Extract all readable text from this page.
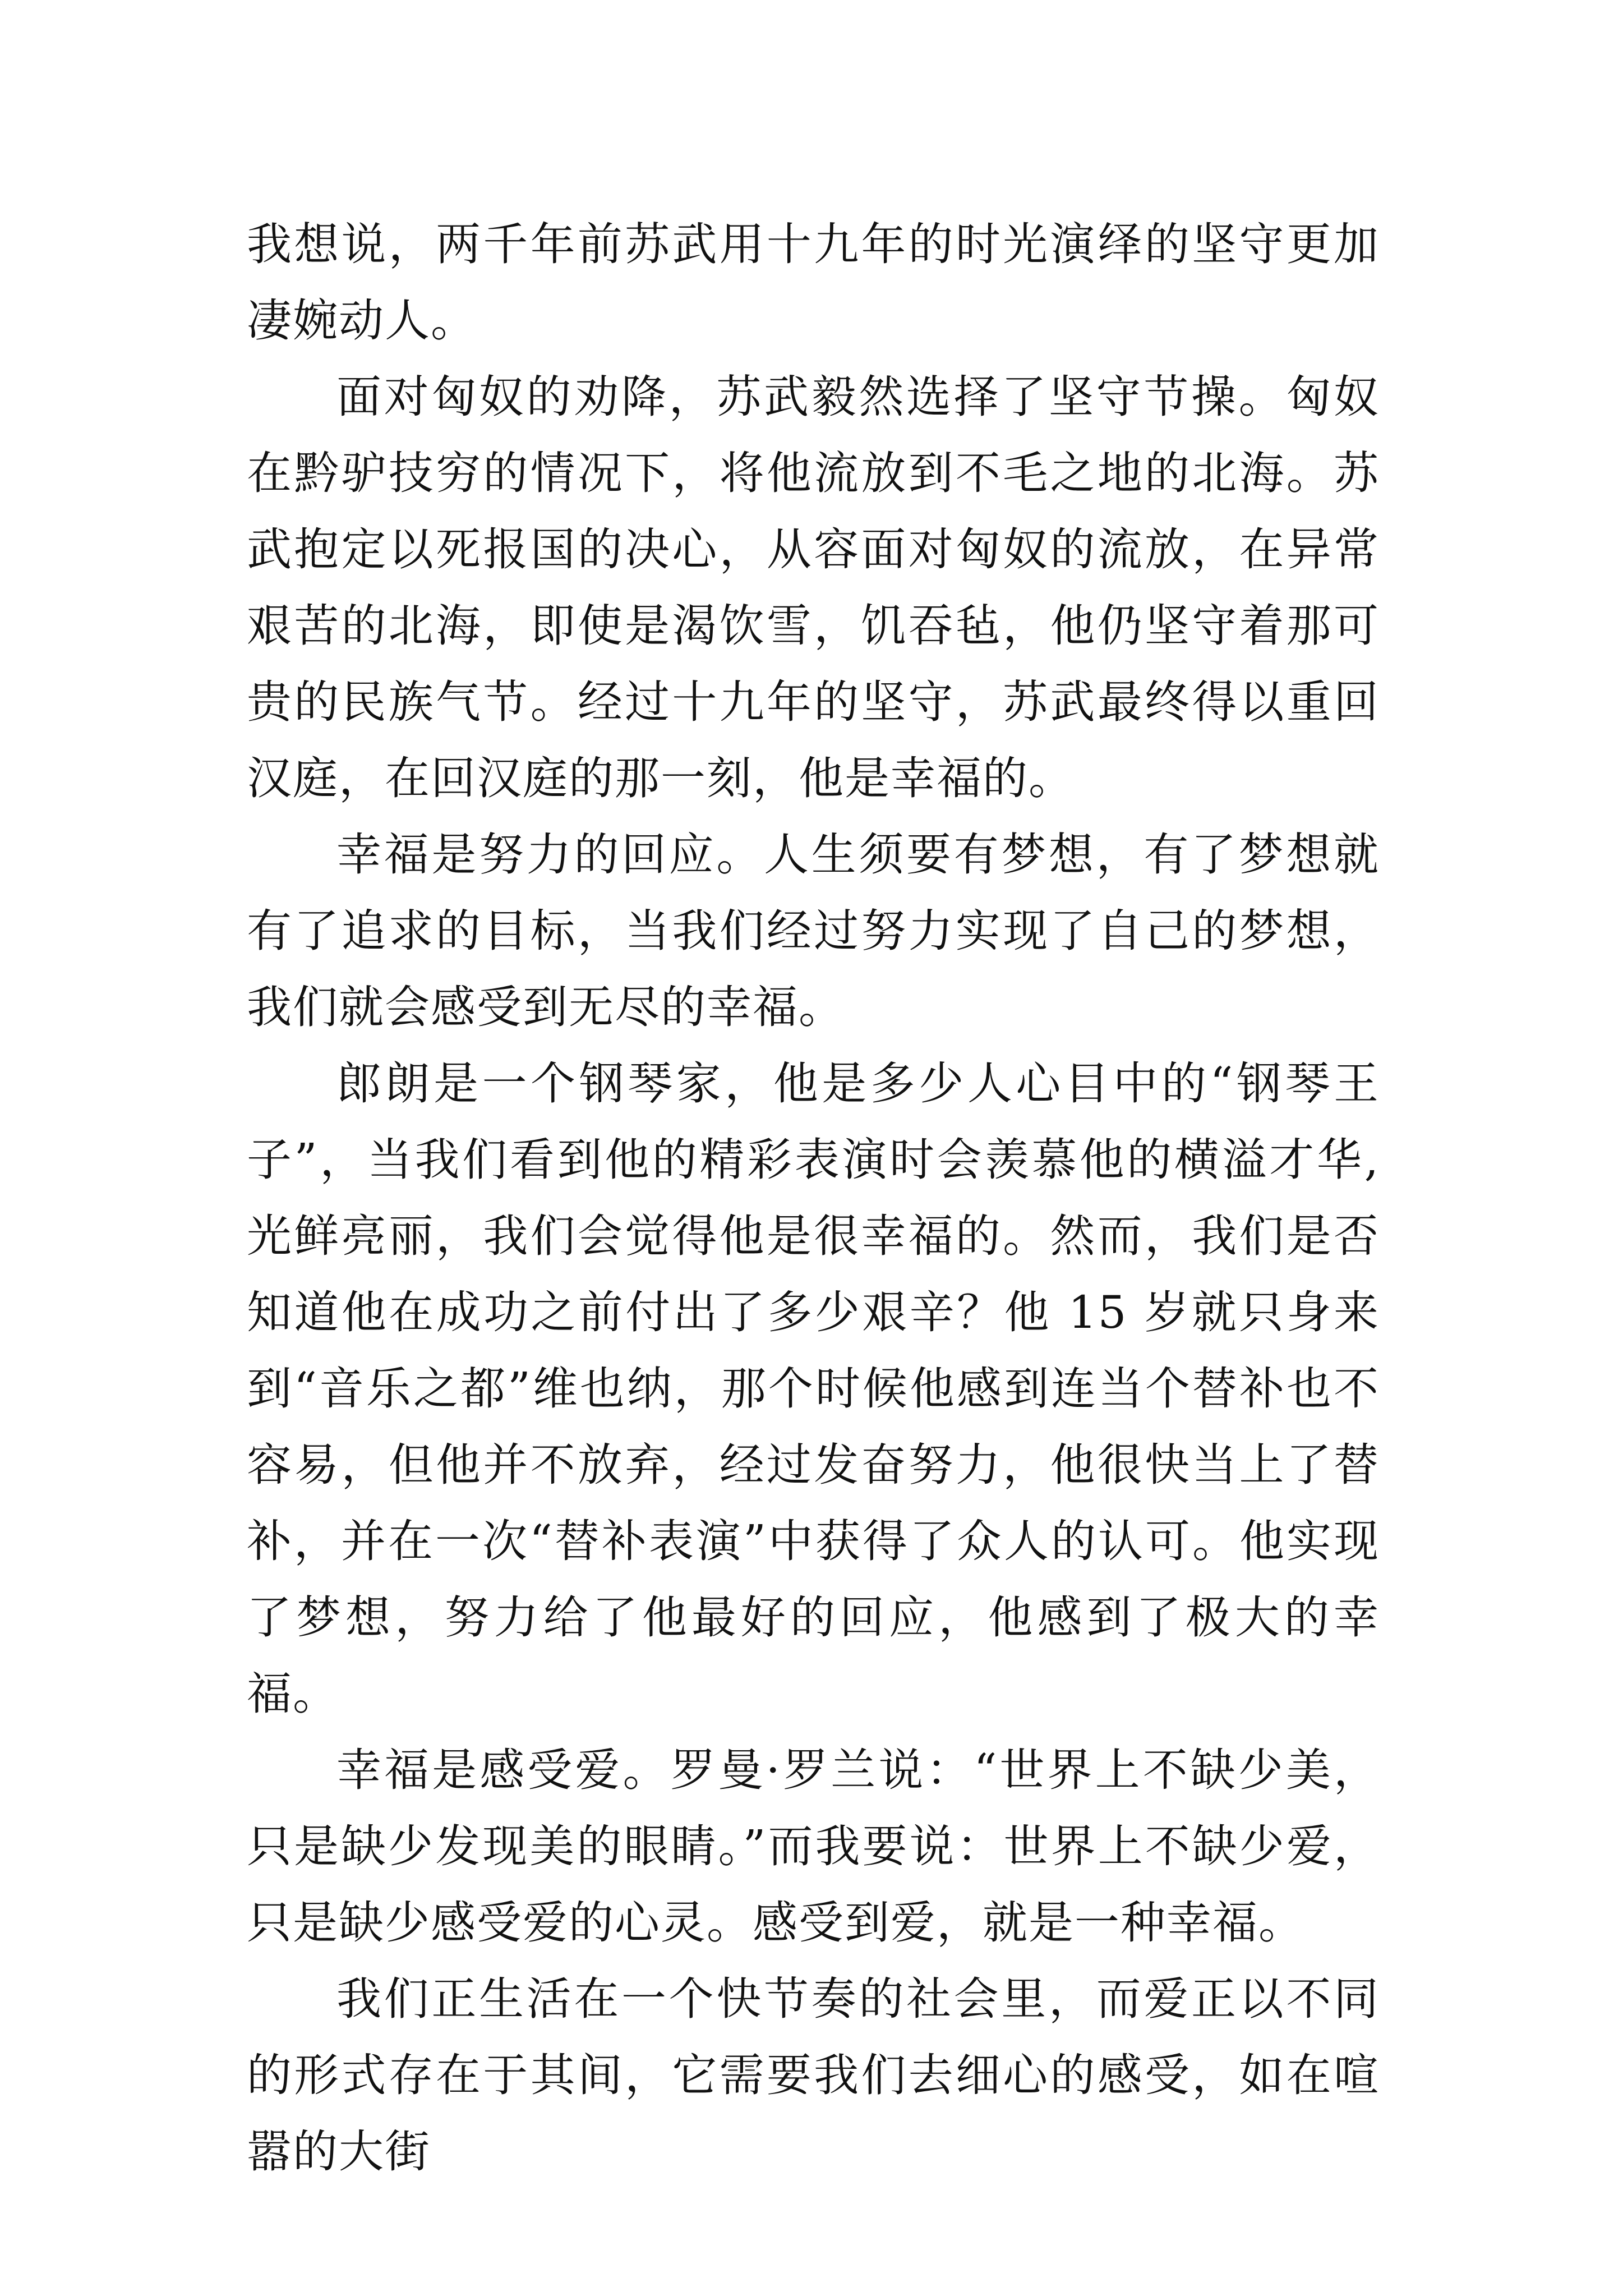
我想说，两千年前苏武用十九年的时光演绎的坚守更加凄婉动人。

面对匈奴的劝降，苏武毅然选择了坚守节操。匈奴在黔驴技穷的情况下，将他流放到不毛之地的北海。苏武抱定以死报国的决心，从容面对匈奴的流放，在异常艰苦的北海，即使是渴饮雪，饥吞毡，他仍坚守着那可贵的民族气节。经过十九年的坚守，苏武最终得以重回汉庭，在回汉庭的那一刻，他是幸福的。

幸福是努力的回应。人生须要有梦想，有了梦想就有了追求的目标，当我们经过努力实现了自己的梦想，我们就会感受到无尽的幸福。

郎朗是一个钢琴家，他是多少人心目中的“钢琴王子”，当我们看到他的精彩表演时会羡慕他的横溢才华,光鲜亮丽，我们会觉得他是很幸福的。然而，我们是否知道他在成功之前付出了多少艰辛？他 15 岁就只身来到“音乐之都”维也纳，那个时候他感到连当个替补也不容易，但他并不放弃，经过发奋努力，他很快当上了替补，并在一次“替补表演”中获得了众人的认可。他实现了梦想，努力给了他最好的回应，他感到了极大的幸福。

幸福是感受爱。罗曼·罗兰说：“世界上不缺少美，只是缺少发现美的眼睛。”而我要说：世界上不缺少爱，只是缺少感受爱的心灵。感受到爱，就是一种幸福。

我们正生活在一个快节奏的社会里，而爱正以不同的形式存在于其间，它需要我们去细心的感受，如在喧嚣的大街
